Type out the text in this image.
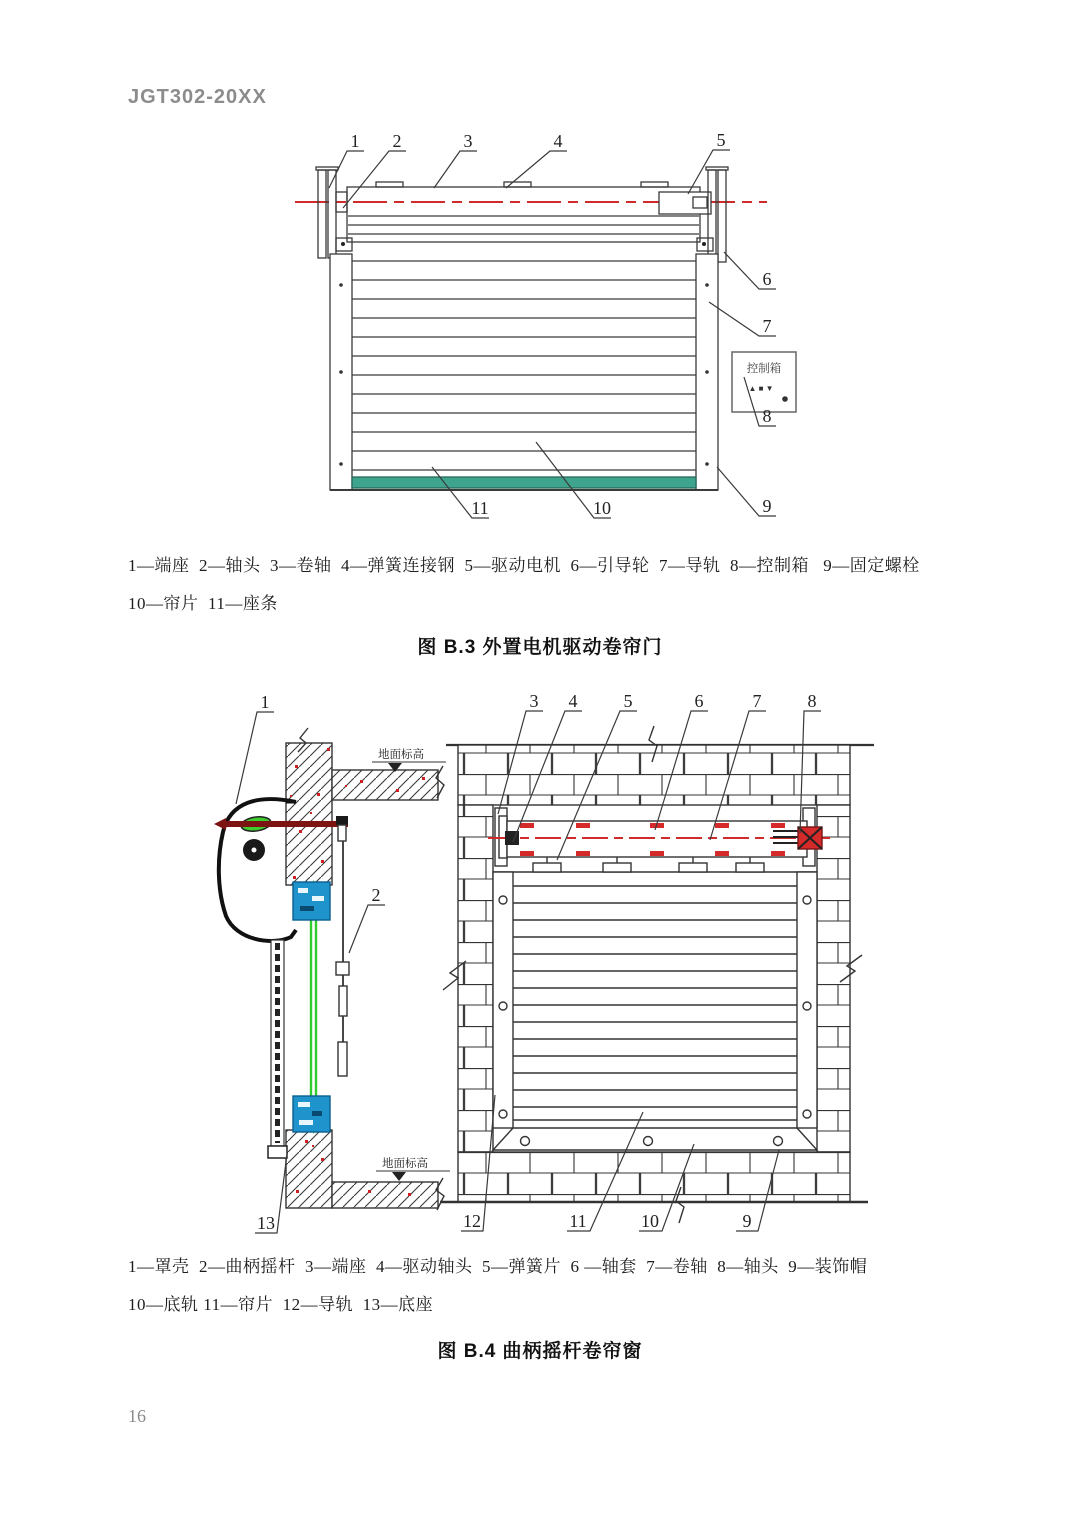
JGT302-20XX
控制箱
▲ ■ ▼
1 2	3	4	5
6
7
8
9
10
11
1—端座  2—轴头  3—卷轴  4—弹簧连接钢  5—驱动电机  6—引导轮  7—导轨  8—控制箱   9—固定螺栓
10—帘片  11—座条
图 B.3 外置电机驱动卷帘门
地面标高
地面标高
1
2
13
3 4	5	6	7	8
12	11	10	9
1—罩壳  2—曲柄摇杆  3—端座  4—驱动轴头  5—弹簧片  6 —轴套  7—卷轴  8—轴头  9—装饰帽
10—底轨 11—帘片  12—导轨  13—底座
图 B.4 曲柄摇杆卷帘窗
16
